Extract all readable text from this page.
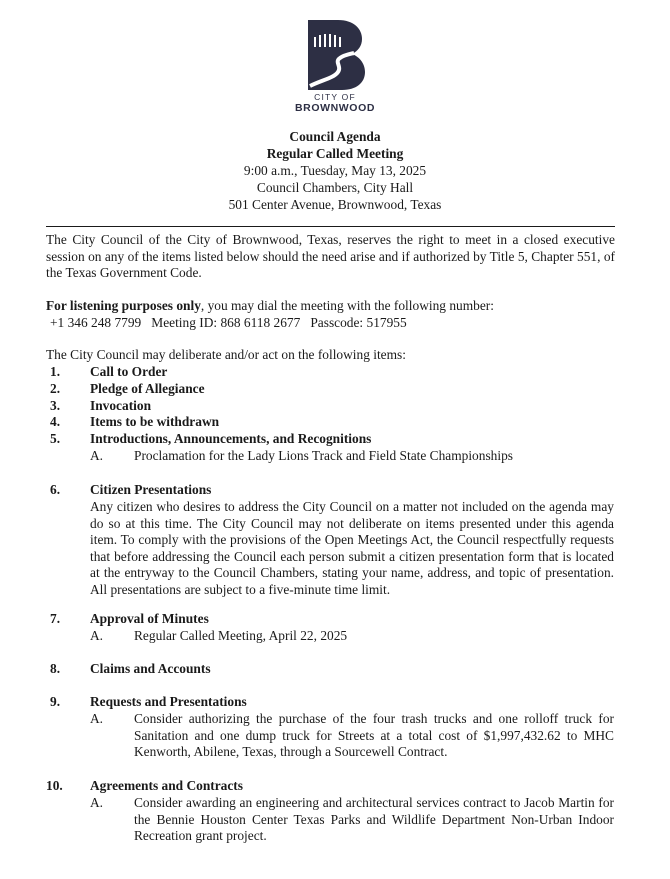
CITY OF
BROWNWOOD
Council Agenda
Regular Called Meeting
9:00 a.m., Tuesday, May 13, 2025
Council Chambers, City Hall
501 Center Avenue, Brownwood, Texas
The City Council of the City of Brownwood, Texas, reserves the right to meet in a closed executive session on any of the items listed below should the need arise and if authorized by Title 5, Chapter 551, of the Texas Government Code.
For listening purposes only, you may dial the meeting with the following number:
+1 346 248 7799   Meeting ID: 868 6118 2677   Passcode: 517955
The City Council may deliberate and/or act on the following items:
1.	Call to Order
2.	Pledge of Allegiance
3.	Invocation
4.	Items to be withdrawn
5.	Introductions, Announcements, and Recognitions
A. Proclamation for the Lady Lions Track and Field State Championships
6.	Citizen Presentations
Any citizen who desires to address the City Council on a matter not included on the agenda may do so at this time. The City Council may not deliberate on items presented under this agenda item. To comply with the provisions of the Open Meetings Act, the Council respectfully requests that before addressing the Council each person submit a citizen presentation form that is located at the entryway to the Council Chambers, stating your name, address, and topic of presentation. All presentations are subject to a five-minute time limit.
7.	Approval of Minutes
A. Regular Called Meeting, April 22, 2025
8.	Claims and Accounts
9.	Requests and Presentations
A. Consider authorizing the purchase of the four trash trucks and one rolloff truck for Sanitation and one dump truck for Streets at a total cost of $1,997,432.62 to MHC Kenworth, Abilene, Texas, through a Sourcewell Contract.
10.	Agreements and Contracts
A. Consider awarding an engineering and architectural services contract to Jacob Martin for the Bennie Houston Center Texas Parks and Wildlife Department Non-Urban Indoor Recreation grant project.
